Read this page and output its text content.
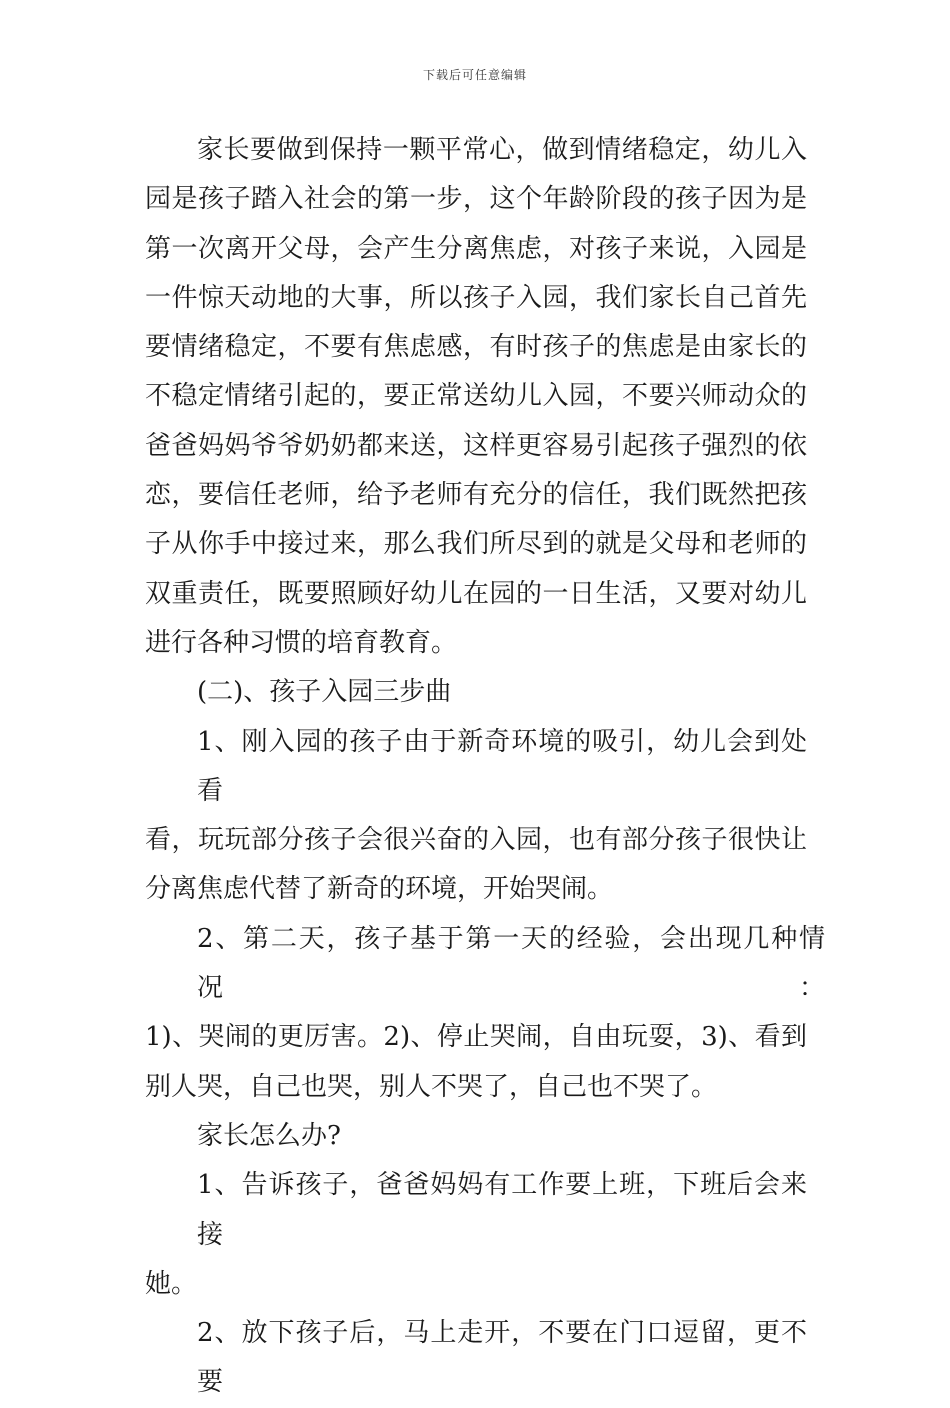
下载后可任意编辑
家长要做到保持一颗平常心，做到情绪稳定，幼儿入
园是孩子踏入社会的第一步，这个年龄阶段的孩子因为是
第一次离开父母，会产生分离焦虑，对孩子来说，入园是
一件惊天动地的大事，所以孩子入园，我们家长自己首先
要情绪稳定，不要有焦虑感，有时孩子的焦虑是由家长的
不稳定情绪引起的，要正常送幼儿入园，不要兴师动众的
爸爸妈妈爷爷奶奶都来送，这样更容易引起孩子强烈的依
恋，要信任老师，给予老师有充分的信任，我们既然把孩
子从你手中接过来，那么我们所尽到的就是父母和老师的
双重责任，既要照顾好幼儿在园的一日生活，又要对幼儿
进行各种习惯的培育教育。
(二)、孩子入园三步曲
1、刚入园的孩子由于新奇环境的吸引，幼儿会到处看
看，玩玩部分孩子会很兴奋的入园，也有部分孩子很快让
分离焦虑代替了新奇的环境，开始哭闹。
2、第二天，孩子基于第一天的经验，会出现几种情况：
1)、哭闹的更厉害。2)、停止哭闹，自由玩耍，3)、看到
别人哭，自己也哭，别人不哭了，自己也不哭了。
家长怎么办?
1、告诉孩子，爸爸妈妈有工作要上班，下班后会来接
她。
2、放下孩子后，马上走开，不要在门口逗留，更不要
